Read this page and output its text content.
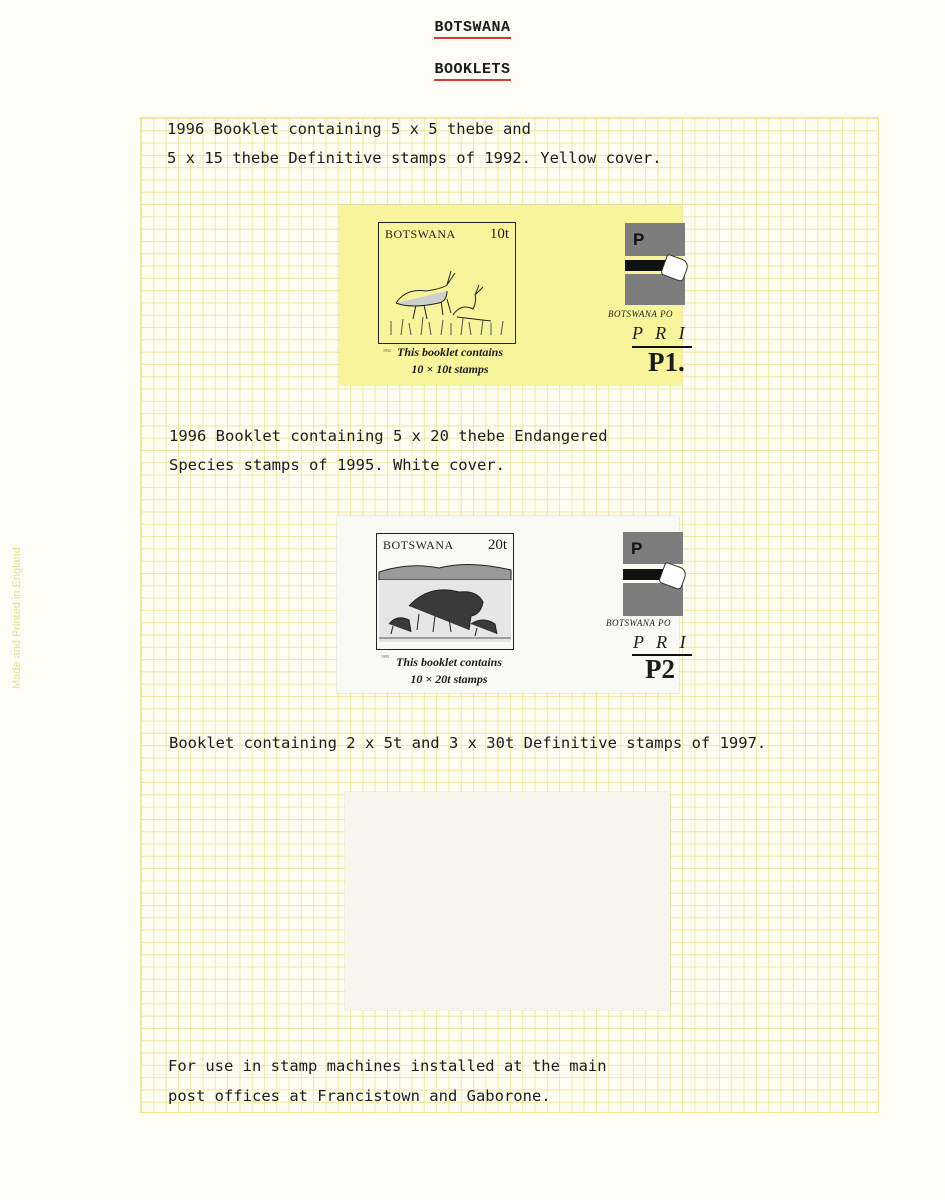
BOTSWANA
BOOKLETS
Made and Printed in England
1996 Booklet containing 5 x 5 thebe and
5 x 15 thebe Definitive stamps of 1992. Yellow cover.
BOTSWANA 10t
1992 This booklet contains
10 × 10t stamps
P
BOTSWANA PO
P R I
P1.
1996 Booklet containing 5 x 20 thebe Endangered
Species stamps of 1995. White cover.
BOTSWANA 20t
1995 This booklet contains
10 × 20t stamps
P
BOTSWANA PO
P R I
P2
Booklet containing 2 x 5t and 3 x 30t Definitive stamps of 1997.
For use in stamp machines installed at the main
post offices at Francistown and Gaborone.
